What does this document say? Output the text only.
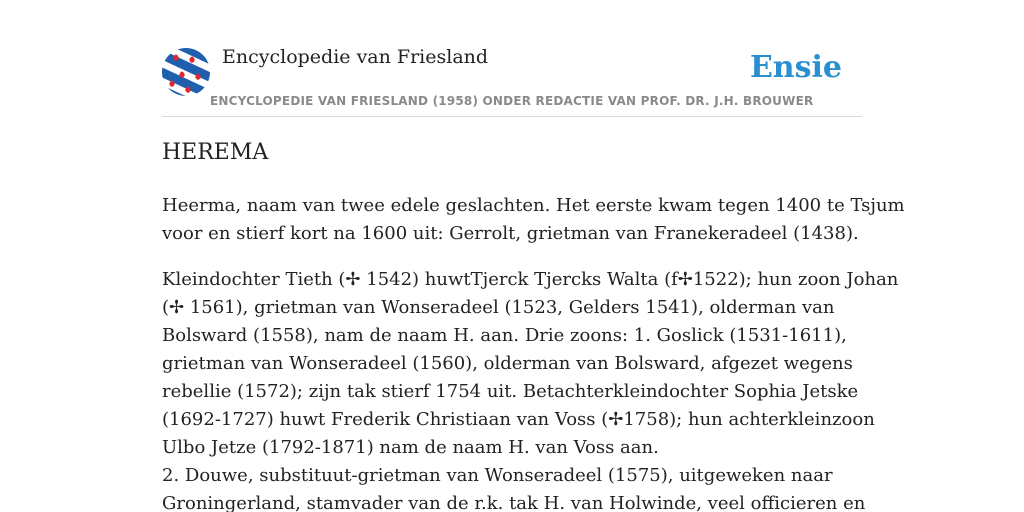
Encyclopedie van Friesland
ENCYCLOPEDIE VAN FRIESLAND (1958) ONDER REDACTIE VAN PROF. DR. J.H. BROUWER
Ensie
HEREMA

Heerma, naam van twee edele geslachten. Het eerste kwam tegen 1400 te Tsjum
voor en stierf kort na 1600 uit: Gerrolt, grietman van Franekeradeel (1438).

Kleindochter Tieth (✢ 1542) huwtTjerck Tjercks Walta (f✢1522); hun zoon Johan
(✢ 1561), grietman van Wonseradeel (1523, Gelders 1541), olderman van
Bolsward (1558), nam de naam H. aan. Drie zoons: 1. Goslick (1531-1611),
grietman van Wonseradeel (1560), olderman van Bolsward, afgezet wegens
rebellie (1572); zijn tak stierf 1754 uit. Betachterkleindochter Sophia Jetske
(1692-1727) huwt Frederik Christiaan van Voss (✢1758); hun achterkleinzoon
Ulbo Jetze (1792-1871) nam de naam H. van Voss aan.
2. Douwe, substituut-grietman van Wonseradeel (1575), uitgeweken naar
Groningerland, stamvader van de r.k. tak H. van Holwinde, veel officieren en
